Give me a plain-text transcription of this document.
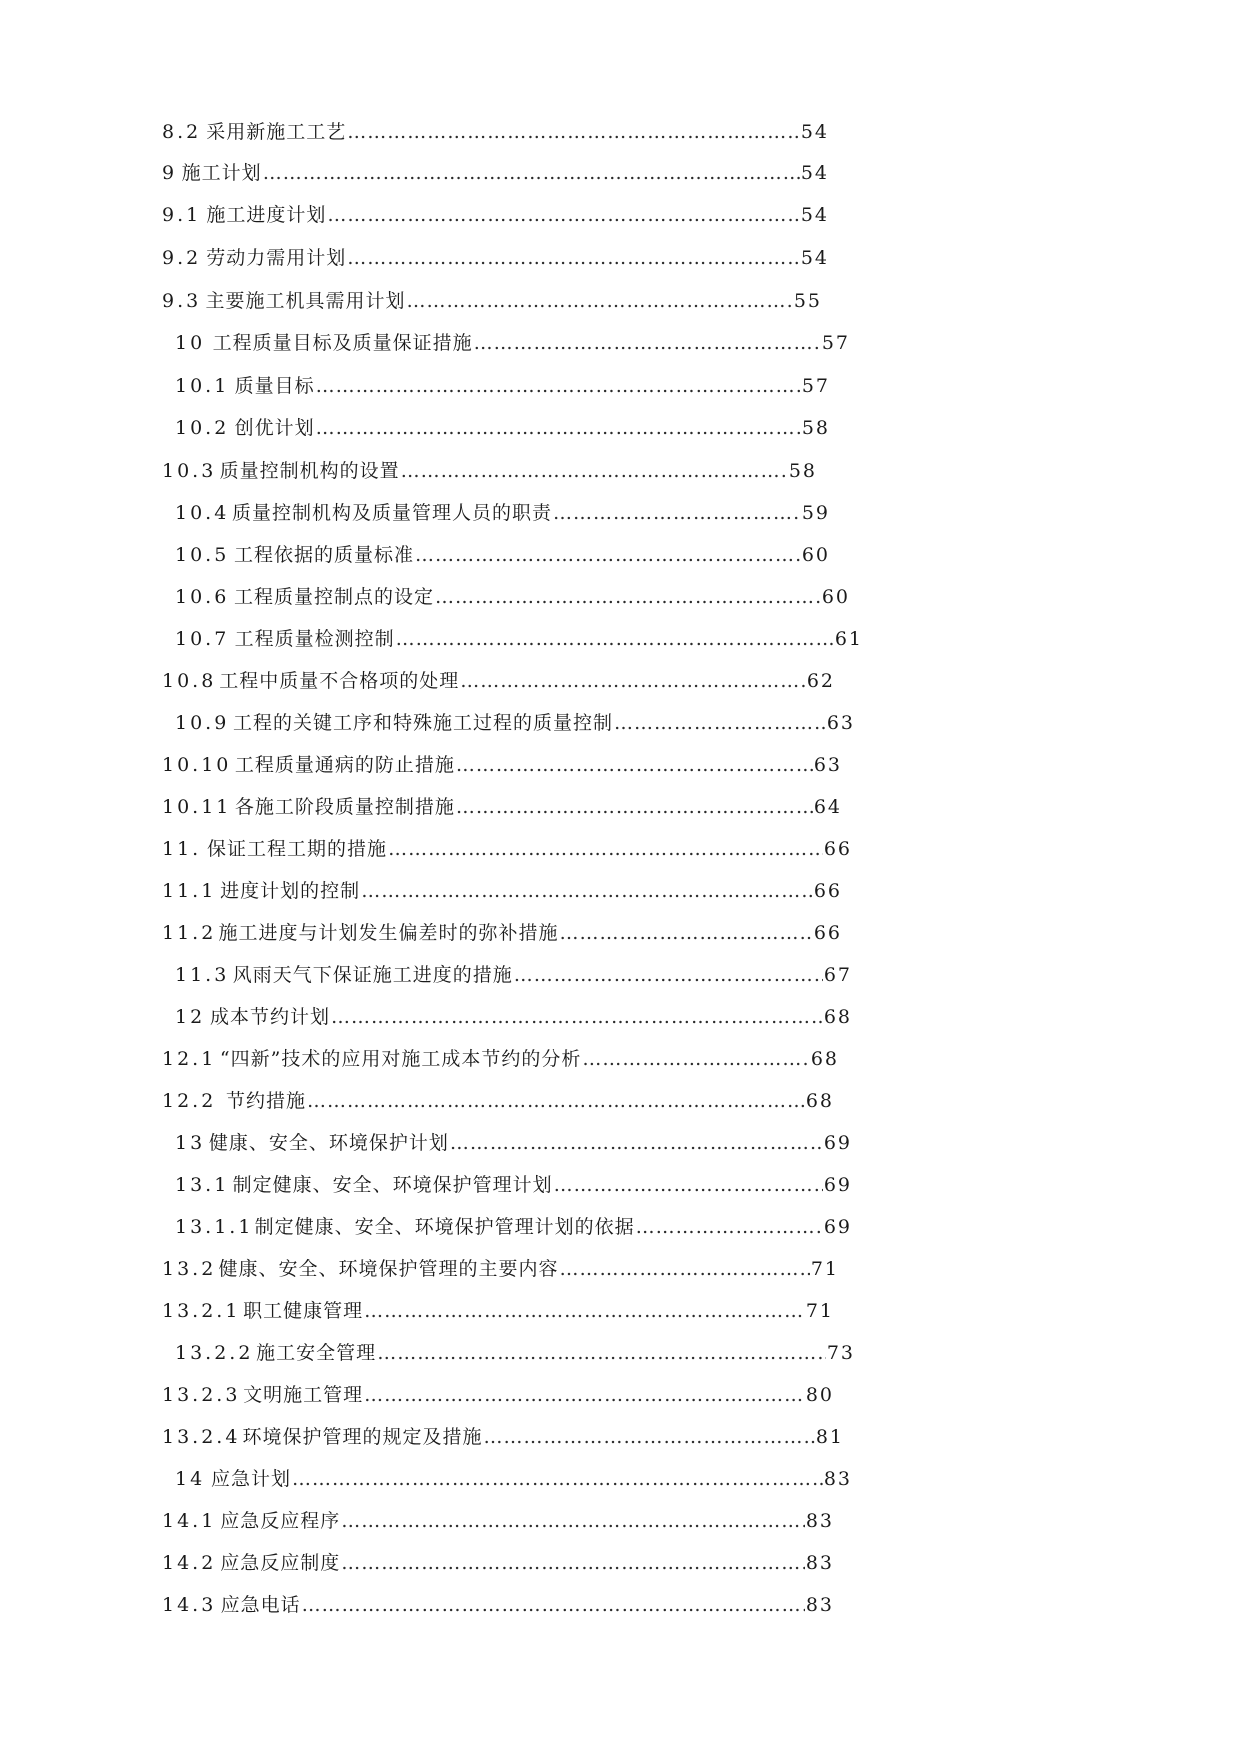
8.2 采用新施工工艺 …………………………………………………………………………………………………………………………………………………………………………………………………………………………	54
9 施工计划 …………………………………………………………………………………………………………………………………………………………………………………………………………………………	54
9.1 施工进度计划 …………………………………………………………………………………………………………………………………………………………………………………………………………………………	54
9.2 劳动力需用计划 …………………………………………………………………………………………………………………………………………………………………………………………………………………………	54
9.3 主要施工机具需用计划 …………………………………………………………………………………………………………………………………………………………………………………………………………………………	55
10 工程质量目标及质量保证措施 …………………………………………………………………………………………………………………………………………………………………………………………………………………………	57
10.1 质量目标 …………………………………………………………………………………………………………………………………………………………………………………………………………………………	57
10.2 创优计划 …………………………………………………………………………………………………………………………………………………………………………………………………………………………	58
10.3 质量控制机构的设置 …………………………………………………………………………………………………………………………………………………………………………………………………………………………	58
10.4 质量控制机构及质量管理人员的职责 …………………………………………………………………………………………………………………………………………………………………………………………………………………………	59
10.5 工程依据的质量标准 …………………………………………………………………………………………………………………………………………………………………………………………………………………………	60
10.6 工程质量控制点的设定 …………………………………………………………………………………………………………………………………………………………………………………………………………………………	60
10.7 工程质量检测控制 …………………………………………………………………………………………………………………………………………………………………………………………………………………………	61
10.8 工程中质量不合格项的处理 …………………………………………………………………………………………………………………………………………………………………………………………………………………………	62
10.9 工程的关键工序和特殊施工过程的质量控制 …………………………………………………………………………………………………………………………………………………………………………………………………………………………	63
10.10 工程质量通病的防止措施 …………………………………………………………………………………………………………………………………………………………………………………………………………………………	63
10.11 各施工阶段质量控制措施 …………………………………………………………………………………………………………………………………………………………………………………………………………………………	64
11. 保证工程工期的措施 …………………………………………………………………………………………………………………………………………………………………………………………………………………………	66
11.1 进度计划的控制 …………………………………………………………………………………………………………………………………………………………………………………………………………………………	66
11.2 施工进度与计划发生偏差时的弥补措施 …………………………………………………………………………………………………………………………………………………………………………………………………………………………	66
11.3 风雨天气下保证施工进度的措施 …………………………………………………………………………………………………………………………………………………………………………………………………………………………	67
12 成本节约计划 …………………………………………………………………………………………………………………………………………………………………………………………………………………………	68
12.1 “四新”技术的应用对施工成本节约的分析 …………………………………………………………………………………………………………………………………………………………………………………………………………………………	68
12.2 节约措施 …………………………………………………………………………………………………………………………………………………………………………………………………………………………	68
13 健康、安全、环境保护计划 …………………………………………………………………………………………………………………………………………………………………………………………………………………………	69
13.1 制定健康、安全、环境保护管理计划 …………………………………………………………………………………………………………………………………………………………………………………………………………………………	69
13.1.1 制定健康、安全、环境保护管理计划的依据 …………………………………………………………………………………………………………………………………………………………………………………………………………………………	69
13.2 健康、安全、环境保护管理的主要内容 …………………………………………………………………………………………………………………………………………………………………………………………………………………………	71
13.2.1 职工健康管理 …………………………………………………………………………………………………………………………………………………………………………………………………………………………	71
13.2.2 施工安全管理 …………………………………………………………………………………………………………………………………………………………………………………………………………………………	73
13.2.3 文明施工管理 …………………………………………………………………………………………………………………………………………………………………………………………………………………………	80
13.2.4 环境保护管理的规定及措施 …………………………………………………………………………………………………………………………………………………………………………………………………………………………	81
14 应急计划 …………………………………………………………………………………………………………………………………………………………………………………………………………………………	83
14.1 应急反应程序 …………………………………………………………………………………………………………………………………………………………………………………………………………………………	83
14.2 应急反应制度 …………………………………………………………………………………………………………………………………………………………………………………………………………………………	83
14.3 应急电话 …………………………………………………………………………………………………………………………………………………………………………………………………………………………	83
